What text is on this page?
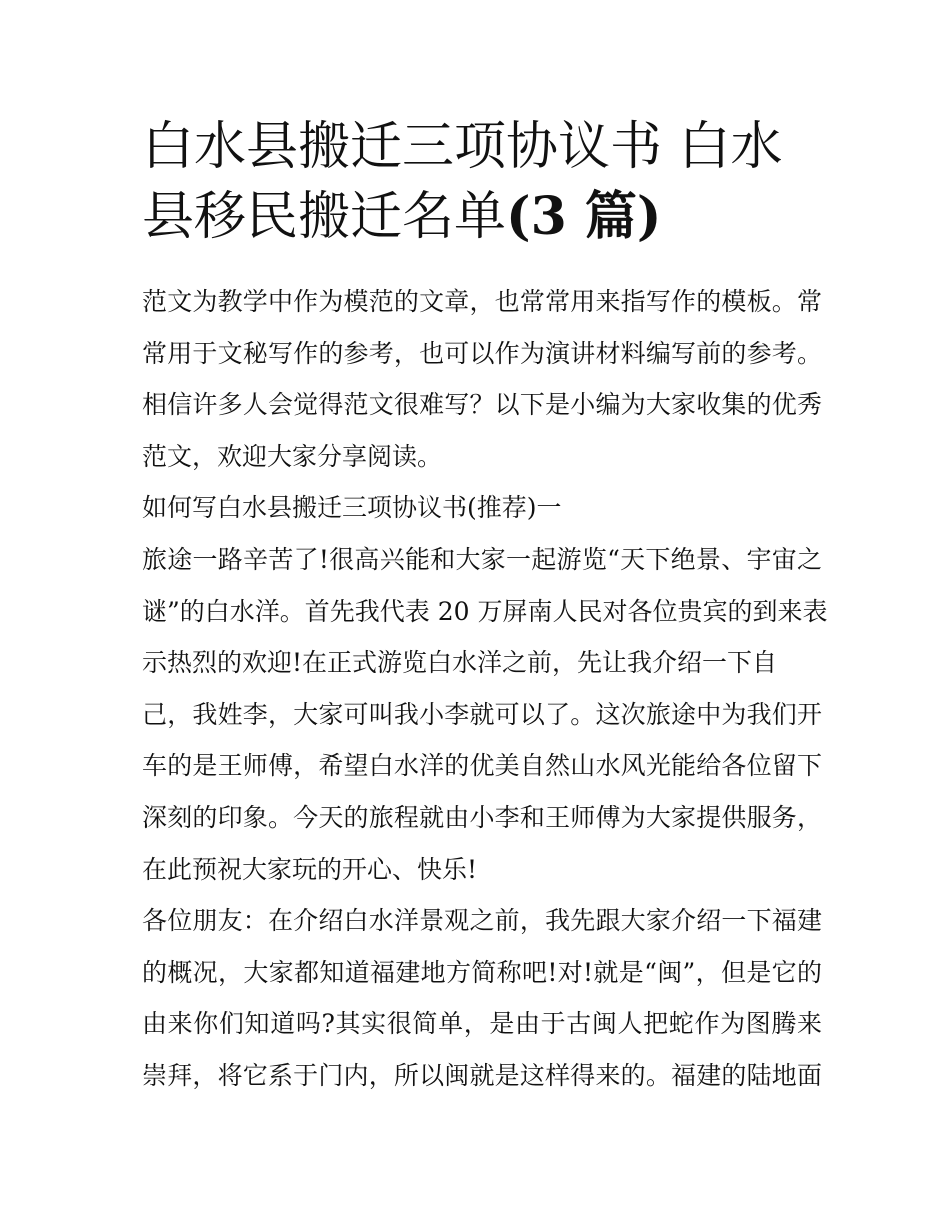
白水县搬迁三项协议书 白水县移民搬迁名单(3 篇)
范文为教学中作为模范的文章，也常常用来指写作的模板。常
常用于文秘写作的参考，也可以作为演讲材料编写前的参考。
相信许多人会觉得范文很难写？以下是小编为大家收集的优秀
范文，欢迎大家分享阅读。
如何写白水县搬迁三项协议书(推荐)一
旅途一路辛苦了!很高兴能和大家一起游览“天下绝景、宇宙之
谜”的白水洋。首先我代表 20 万屏南人民对各位贵宾的到来表
示热烈的欢迎!在正式游览白水洋之前，先让我介绍一下自
己，我姓李，大家可叫我小李就可以了。这次旅途中为我们开
车的是王师傅，希望白水洋的优美自然山水风光能给各位留下
深刻的印象。今天的旅程就由小李和王师傅为大家提供服务，
在此预祝大家玩的开心、快乐!
各位朋友：在介绍白水洋景观之前，我先跟大家介绍一下福建
的概况，大家都知道福建地方简称吧!对!就是“闽”，但是它的
由来你们知道吗?其实很简单，是由于古闽人把蛇作为图腾来
崇拜，将它系于门内，所以闽就是这样得来的。福建的陆地面
